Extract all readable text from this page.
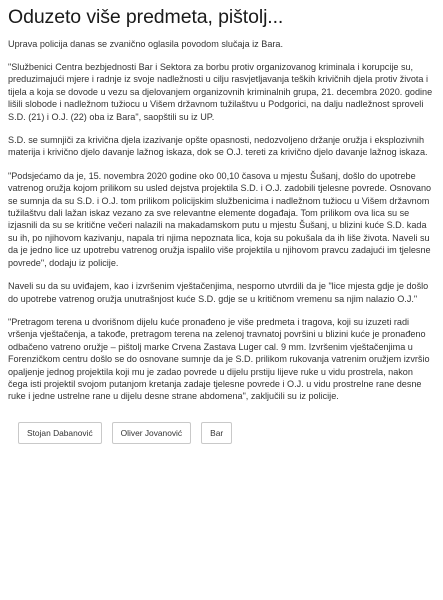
Oduzeto više predmeta, pištolj...

Uprava policija danas se zvanično oglasila povodom slučaja iz Bara.

"Službenici Centra bezbjednosti Bar i Sektora za borbu protiv organizovanog kriminala i korupcije su, preduzimajući mjere i radnje iz svoje nadležnosti u cilju rasvjetljavanja teških krivičnih djela protiv života i tijela a koja se dovode u vezu sa djelovanjem organizovnih kriminalnih grupa, 21. decembra 2020. godine lišili slobode i nadležnom tužiocu u Višem državnom tužilaštvu u Podgorici, na dalju nadležnost sproveli S.D. (21) i O.J. (22) oba iz Bara", saopštili su iz UP.

S.D. se sumnjiči za krivična djela izazivanje opšte opasnosti, nedozvoljeno držanje oružja i eksplozivnih materija i krivično djelo davanje lažnog iskaza, dok se O.J. tereti za krivično djelo davanje lažnog iskaza.

"Podsjećamo da je, 15. novembra 2020 godine oko 00,10 časova u mjestu Šušanj, došlo do upotrebe vatrenog oružja kojom prilikom su usled dejstva projektila S.D. i O.J. zadobili tjelesne povrede. Osnovano se sumnja da su S.D. i O.J. tom prilikom policijskim službenicima i nadležnom tužiocu u Višem državnom tužilaštvu dali lažan iskaz vezano za sve relevantne elemente događaja. Tom prilikom ova lica su se izjasnili da su se kritične večeri nalazili na makadamskom putu u mjestu Šušanj, u blizini kuće S.D. kada su ih, po njihovom kazivanju, napala tri njima nepoznata lica, koja su pokušala da ih liše života. Naveli su da je jedno lice uz upotrebu vatrenog oružja ispalilo više projektila u njihovom pravcu zadajući im tjelesne povrede", dodaju iz policije.

Naveli su da su uviđajem, kao i izvršenim vještačenjima, nesporno utvrdili da je "lice mjesta gdje je došlo do upotrebe vatrenog oružja unutrašnjost kuće S.D. gdje se u kritičnom vremenu sa njim nalazio O.J."

"Pretragom terena u dvorišnom dijelu kuće pronađeno je više predmeta i tragova, koji su izuzeti radi vršenja vještačenja, a takođe, pretragom terena na zelenoj travnatoj površini u blizini kuće je pronađeno odbačeno vatreno oružje – pištolj marke Crvena Zastava Luger cal. 9 mm. Izvršenim vještačenjima u Forenzičkom centru došlo se do osnovane sumnje da je S.D. prilikom rukovanja vatrenim oružjem izvršio opaljenje jednog projektila koji mu je zadao povrede u dijelu prstiju lijeve ruke u vidu prostrela, nakon čega isti projektil svojom putanjom kretanja zadaje tjelesne povrede i O.J. u vidu prostrelne rane desne ruke i jedne ustrelne rane u dijelu desne strane abdomena", zaključili su iz policije.

Stojan Dabanović	Oliver Jovanović	Bar
